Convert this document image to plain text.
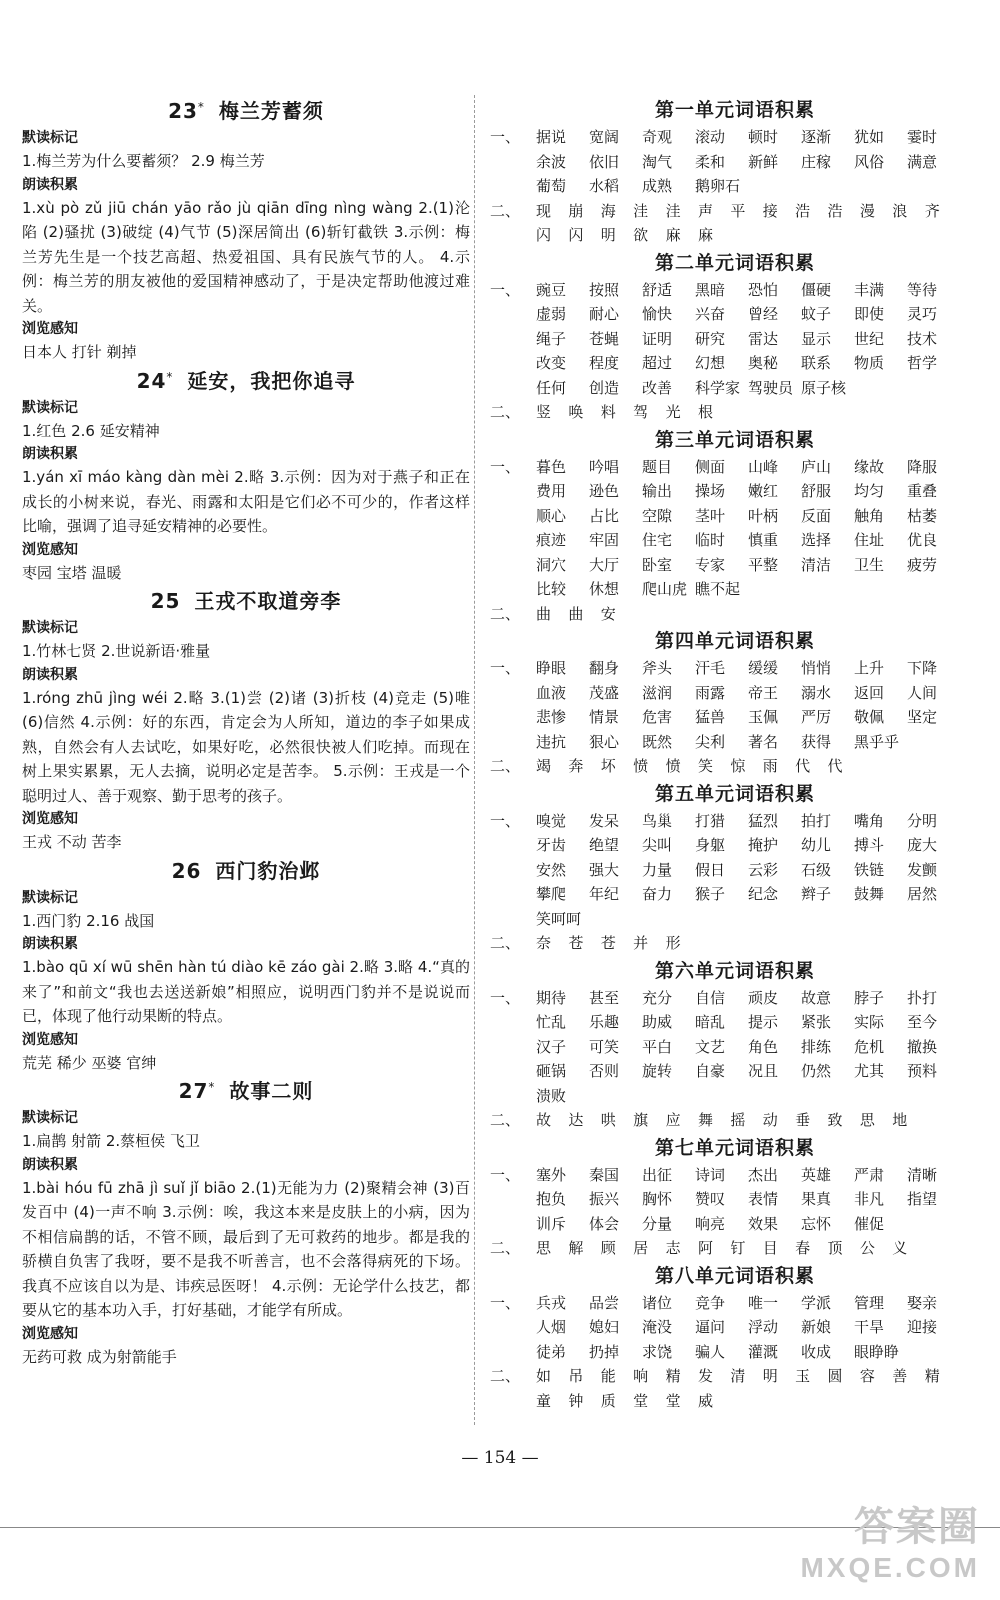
23* 梅兰芳蓄须
默读标记
1.梅兰芳为什么要蓄须？ 2.9 梅兰芳
朗读积累
1.xù pò zǔ jiū chán yāo rǎo jù qiān dīng nìng wàng 2.(1)沦陷 (2)骚扰 (3)破绽 (4)气节 (5)深居简出 (6)斩钉截铁 3.示例：梅兰芳先生是一个技艺高超、热爱祖国、具有民族气节的人。 4.示例：梅兰芳的朋友被他的爱国精神感动了，于是决定帮助他渡过难关。
浏览感知
日本人 打针 剃掉
24* 延安，我把你追寻
默读标记
1.红色 2.6 延安精神
朗读积累
1.yán xī máo kàng dàn mèi 2.略 3.示例：因为对于燕子和正在成长的小树来说，春光、雨露和太阳是它们必不可少的，作者这样比喻，强调了追寻延安精神的必要性。
浏览感知
枣园 宝塔 温暖
25 王戎不取道旁李
默读标记
1.竹林七贤 2.世说新语·雅量
朗读积累
1.róng zhū jìng wéi 2.略 3.(1)尝 (2)诸 (3)折枝 (4)竞走 (5)唯 (6)信然 4.示例：好的东西，肯定会为人所知，道边的李子如果成熟，自然会有人去试吃，如果好吃，必然很快被人们吃掉。而现在树上果实累累，无人去摘，说明必定是苦李。 5.示例：王戎是一个聪明过人、善于观察、勤于思考的孩子。
浏览感知
王戎 不动 苦李
26 西门豹治邺
默读标记
1.西门豹 2.16 战国
朗读积累
1.bào qū xí wū shēn hàn tú diào kē záo gài 2.略 3.略 4.“真的来了”和前文“我也去送送新娘”相照应，说明西门豹并不是说说而已，体现了他行动果断的特点。
浏览感知
荒芜 稀少 巫婆 官绅
27* 故事二则
默读标记
1.扁鹊 射箭 2.蔡桓侯 飞卫
朗读积累
1.bài hóu fū zhā jì suǐ jǐ biāo 2.(1)无能为力 (2)聚精会神 (3)百发百中 (4)一声不响 3.示例：唉，我这本来是皮肤上的小病，因为不相信扁鹊的话，不管不顾，最后到了无可救药的地步。都是我的骄横自负害了我呀，要不是我不听善言，也不会落得病死的下场。我真不应该自以为是、讳疾忌医呀！ 4.示例：无论学什么技艺，都要从它的基本功入手，打好基础，才能学有所成。
浏览感知
无药可救 成为射箭能手
第一单元词语积累
一、	据说	宽阔	奇观	滚动	顿时	逐渐	犹如	霎时
余波	依旧	淘气	柔和	新鲜	庄稼	风俗	满意
葡萄	水稻	成熟	鹅卵石
二、	现	崩	海	洼	洼	声	平	接	浩	浩	漫	浪	齐
闪	闪	明	欲	麻	麻
第二单元词语积累
一、	豌豆	按照	舒适	黑暗	恐怕	僵硬	丰满	等待
虚弱	耐心	愉快	兴奋	曾经	蚊子	即使	灵巧
绳子	苍蝇	证明	研究	雷达	显示	世纪	技术
改变	程度	超过	幻想	奥秘	联系	物质	哲学
任何	创造	改善	科学家 驾驶员 原子核
二、	竖	唤	料	驾	光	根
第三单元词语积累
一、	暮色	吟唱	题目	侧面	山峰	庐山	缘故	降服
费用	逊色	输出	操场	嫩红	舒服	均匀	重叠
顺心	占比	空隙	茎叶	叶柄	反面	触角	枯萎
痕迹	牢固	住宅	临时	慎重	选择	住址	优良
洞穴	大厅	卧室	专家	平整	清洁	卫生	疲劳
比较	休想	爬山虎 瞧不起
二、	曲	曲	安
第四单元词语积累
一、	睁眼	翻身	斧头	汗毛	缓缓	悄悄	上升	下降
血液	茂盛	滋润	雨露	帝王	溺水	返回	人间
悲惨	情景	危害	猛兽	玉佩	严厉	敬佩	坚定
违抗	狠心	既然	尖利	著名	获得	黑乎乎
二、	竭	奔	坏	愤	愤	笑	惊	雨	代	代
第五单元词语积累
一、	嗅觉	发呆	鸟巢	打猎	猛烈	拍打	嘴角	分明
牙齿	绝望	尖叫	身躯	掩护	幼儿	搏斗	庞大
安然	强大	力量	假日	云彩	石级	铁链	发颤
攀爬	年纪	奋力	猴子	纪念	辫子	鼓舞	居然
笑呵呵
二、	奈	苍	苍	并	形
第六单元词语积累
一、	期待	甚至	充分	自信	顽皮	故意	脖子	扑打
忙乱	乐趣	助威	暗乱	提示	紧张	实际	至今
汉子	可笑	平白	文艺	角色	排练	危机	撤换
砸锅	否则	旋转	自豪	况且	仍然	尤其	预料
溃败
二、	故	达	哄	旗	应	舞	摇	动	垂	致	思	地
第七单元词语积累
一、	塞外	秦国	出征	诗词	杰出	英雄	严肃	清晰
抱负	振兴	胸怀	赞叹	表情	果真	非凡	指望
训斥	体会	分量	响亮	效果	忘怀	催促
二、	思	解	顾	居	志	阿	钉	目	春	顶	公	义
第八单元词语积累
一、	兵戎	品尝	诸位	竞争	唯一	学派	管理	娶亲
人烟	媳妇	淹没	逼问	浮动	新娘	干旱	迎接
徒弟	扔掉	求饶	骗人	灌溉	收成	眼睁睁
二、	如	吊	能	响	精	发	清	明	玉	圆	容	善	精
童	钟	质	堂	堂	威
— 154 —
答案圈
MXQE.COM
